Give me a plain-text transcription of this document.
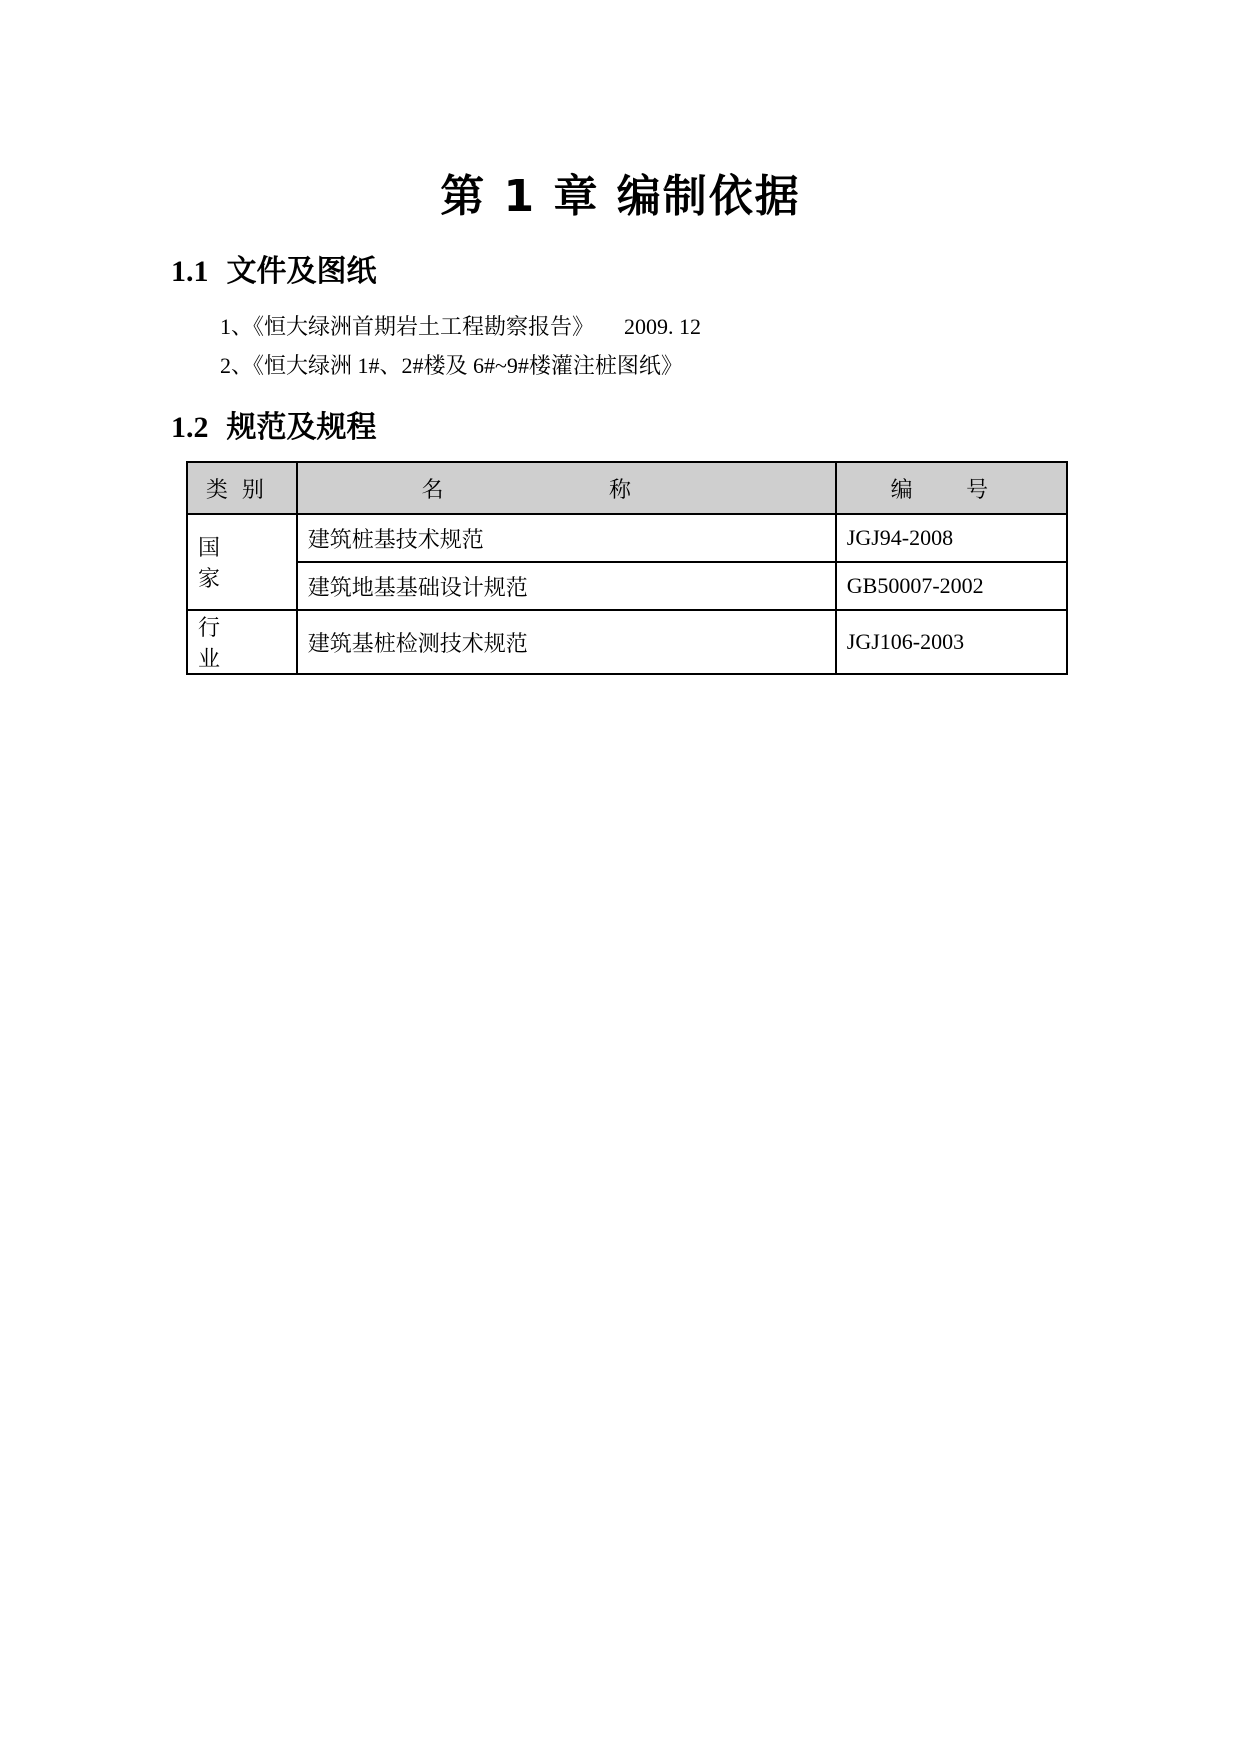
第 1 章 编制依据
1.1 文件及图纸
1、《恒大绿洲首期岩土工程勘察报告》 2009. 12
2、《恒大绿洲 1#、2#楼及 6#~9#楼灌注桩图纸》
1.2 规范及规程
类别	名 称	编 号
国 家	建筑桩基技术规范	JGJ94-2008
	建筑地基基础设计规范	GB50007-2002
行 业	建筑基桩检测技术规范	JGJ106-2003
